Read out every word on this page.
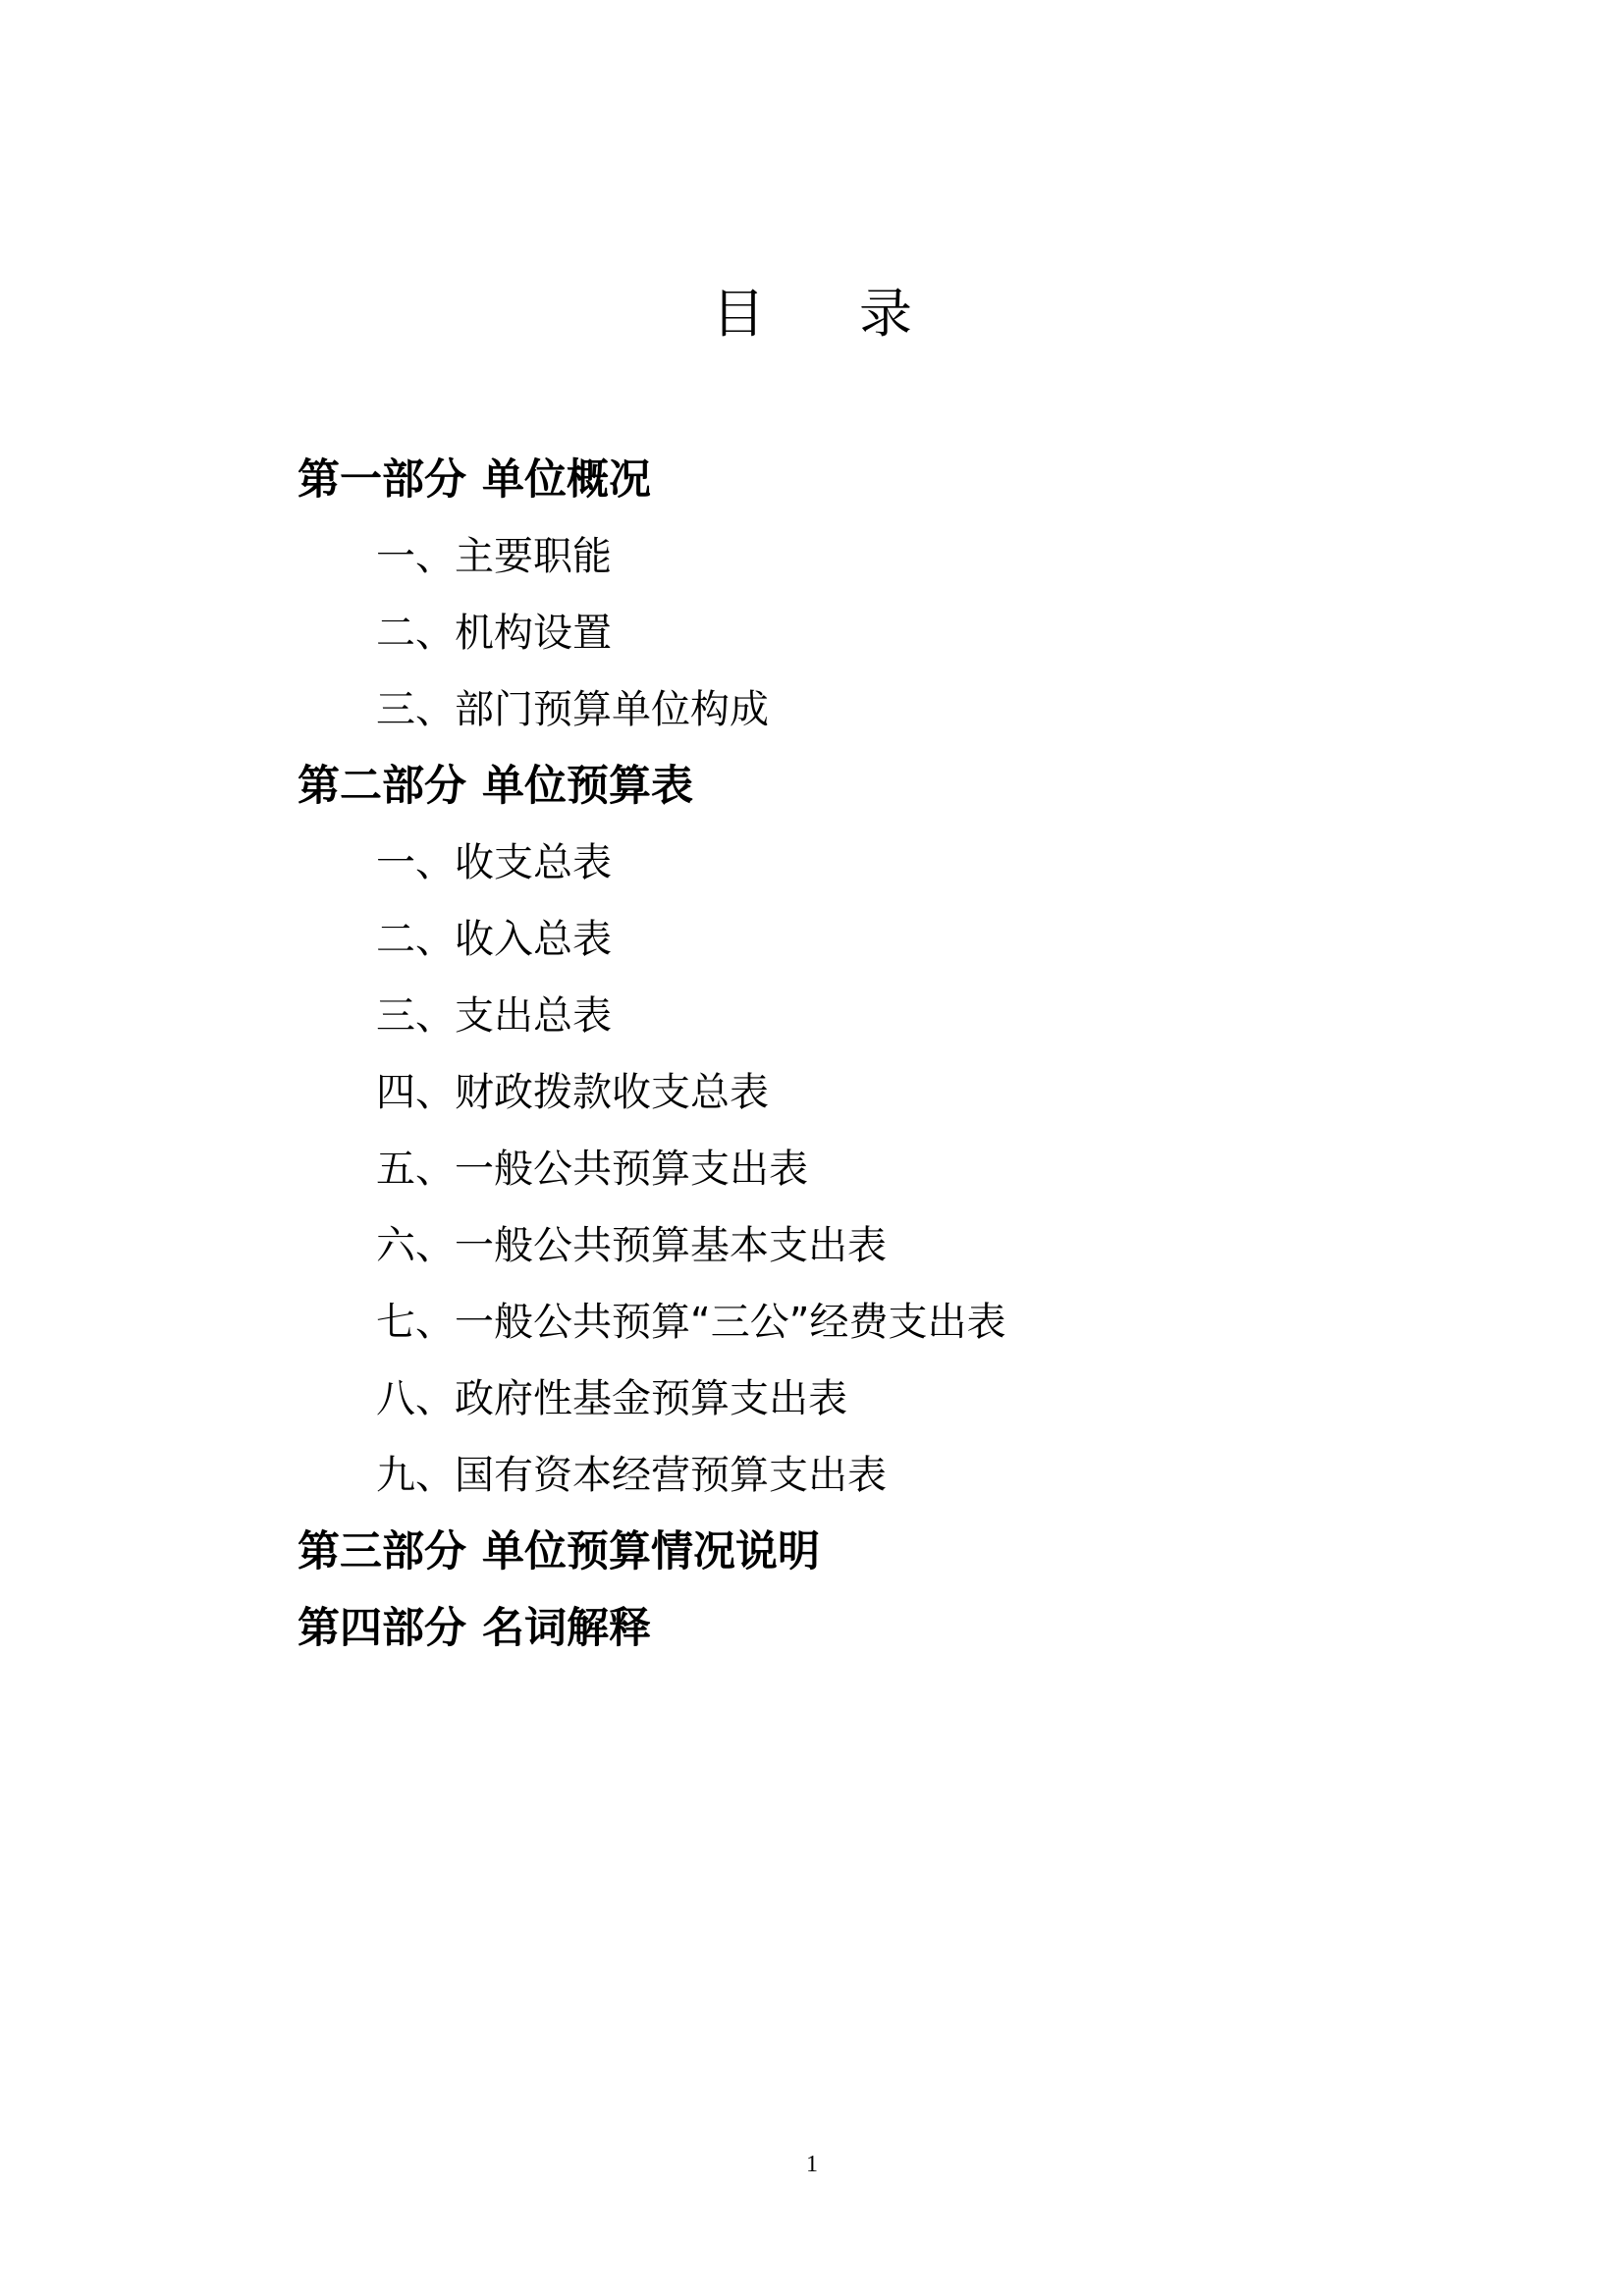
目 录
第一部分 单位概况
一、主要职能
二、机构设置
三、部门预算单位构成
第二部分 单位预算表
一、收支总表
二、收入总表
三、支出总表
四、财政拨款收支总表
五、一般公共预算支出表
六、一般公共预算基本支出表
七、一般公共预算“三公”经费支出表
八、政府性基金预算支出表
九、国有资本经营预算支出表
第三部分 单位预算情况说明
第四部分 名词解释
1
